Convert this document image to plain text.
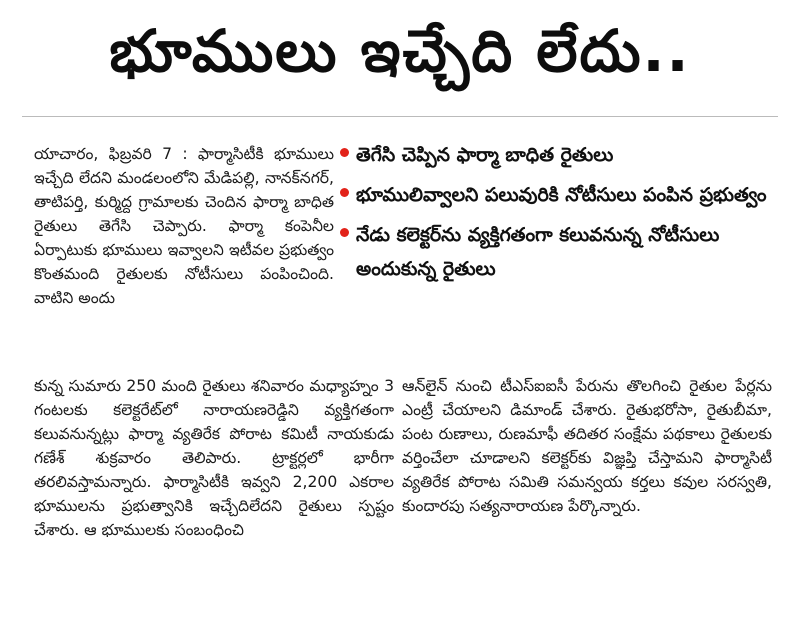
భూములు ఇచ్చేది లేదు..
యాచారం, ఫిబ్రవరి 7 : ఫార్మాసిటీకి భూములు ఇచ్చేది లేదని మండలంలోని మేడిపల్లి, నానక్‌నగర్‌, తాటిపర్తి, కుర్మిద్ద గ్రామాలకు చెందిన ఫార్మా బాధిత రైతులు తెగేసి చెప్పారు. ఫార్మా కంపెనీల ఏర్పాటుకు భూములు ఇవ్వాలని ఇటీవల ప్రభుత్వం కొంతమంది రైతులకు నోటీసులు పంపించింది. వాటిని అందు
తెగేసి చెప్పిన ఫార్మా బాధిత రైతులు
భూములివ్వాలని పలువురికి నోటీసులు పంపిన ప్రభుత్వం
నేడు కలెక్టర్‌ను వ్యక్తిగతంగా కలువనున్న నోటీసులు అందుకున్న రైతులు
కున్న సుమారు 250 మంది రైతులు శనివారం మధ్యాహ్నం 3 గంటలకు కలెక్టరేట్‌లో నారాయణరెడ్డిని వ్యక్తిగతంగా కలువనున్నట్లు ఫార్మా వ్యతిరేక పోరాట కమిటీ నాయకుడు గణేశ్‌ శుక్రవారం తెలిపారు. ట్రాక్టర్లలో భారీగా తరలివస్తామన్నారు. ఫార్మాసిటీకి ఇవ్వని 2,200 ఎకరాల భూములను ప్రభుత్వానికి ఇచ్చేదిలేదని రైతులు స్పష్టం చేశారు. ఆ భూములకు సంబంధించి
ఆన్‌లైన్‌ నుంచి టీఎస్‌ఐఐసీ పేరును తొలగించి రైతుల పేర్లను ఎంట్రీ చేయాలని డిమాండ్‌ చేశారు. రైతుభరోసా, రైతుబీమా, పంట రుణాలు, రుణమాఫీ తదితర సంక్షేమ పథకాలు రైతులకు వర్తించేలా చూడాలని కలెక్టర్‌కు విజ్ఞప్తి చేస్తామని ఫార్మాసిటీ వ్యతిరేక పోరాట సమితి సమన్వయ కర్తలు కవుల సరస్వతి, కుందారపు సత్యనారాయణ పేర్కొన్నారు.
